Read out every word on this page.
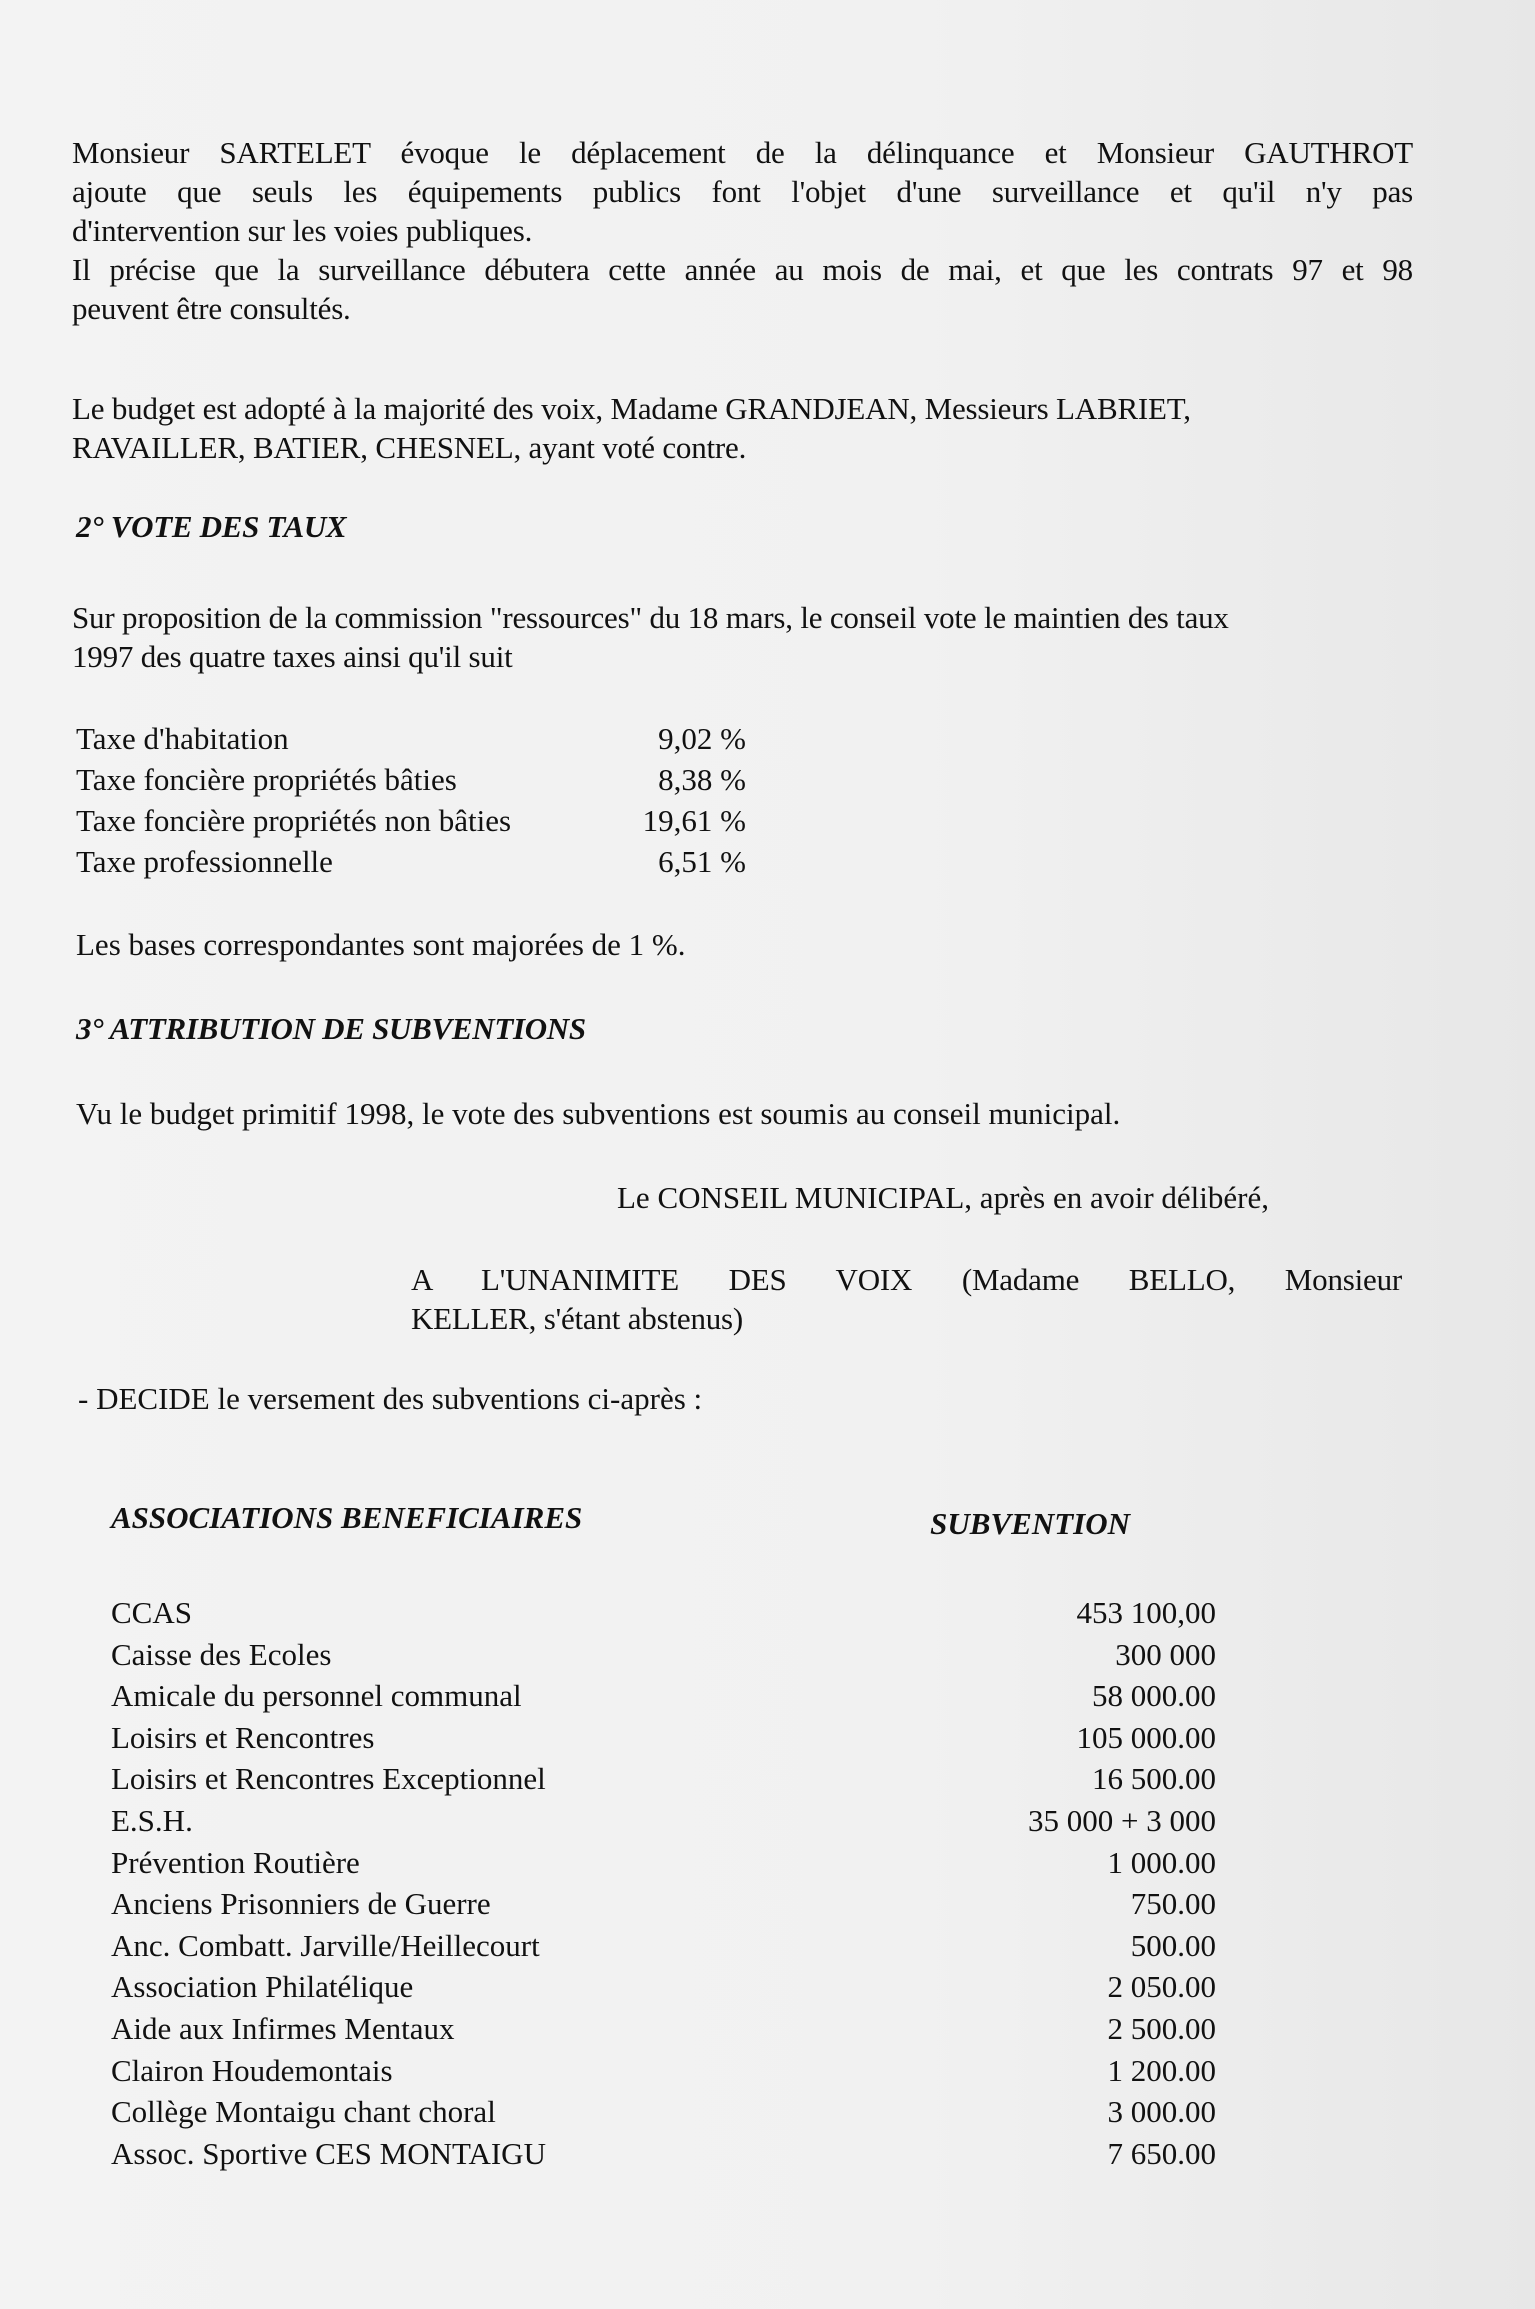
Monsieur SARTELET évoque le déplacement de la délinquance et Monsieur GAUTHROT
ajoute que seuls les équipements publics font l'objet d'une surveillance et qu'il n'y pas
d'intervention sur les voies publiques.
Il précise que la surveillance débutera cette année au mois de mai, et que les contrats 97 et 98
peuvent être consultés.
Le budget est adopté à la majorité des voix, Madame GRANDJEAN, Messieurs LABRIET,
RAVAILLER, BATIER, CHESNEL, ayant voté contre.
2° VOTE DES TAUX
Sur proposition de la commission "ressources" du 18 mars, le conseil vote le maintien des taux
1997 des quatre taxes ainsi qu'il suit
Taxe d'habitation	9,02 %
Taxe foncière propriétés bâties	8,38 %
Taxe foncière propriétés non bâties	19,61 %
Taxe professionnelle	6,51 %
Les bases correspondantes sont majorées de 1 %.
3° ATTRIBUTION DE SUBVENTIONS
Vu le budget primitif 1998, le vote des subventions est soumis au conseil municipal.
Le CONSEIL MUNICIPAL, après en avoir délibéré,
A L'UNANIMITE DES VOIX (Madame BELLO, Monsieur
KELLER, s'étant abstenus)
- DECIDE le versement des subventions ci-après :
ASSOCIATIONS BENEFICIAIRES	SUBVENTION
CCAS	453 100,00
Caisse des Ecoles	300 000
Amicale du personnel communal	58 000.00
Loisirs et Rencontres	105 000.00
Loisirs et Rencontres Exceptionnel	16 500.00
E.S.H.	35 000 + 3 000
Prévention Routière	1 000.00
Anciens Prisonniers de Guerre	750.00
Anc. Combatt. Jarville/Heillecourt	500.00
Association Philatélique	2 050.00
Aide aux Infirmes Mentaux	2 500.00
Clairon Houdemontais	1 200.00
Collège Montaigu chant choral	3 000.00
Assoc. Sportive CES MONTAIGU	7 650.00
